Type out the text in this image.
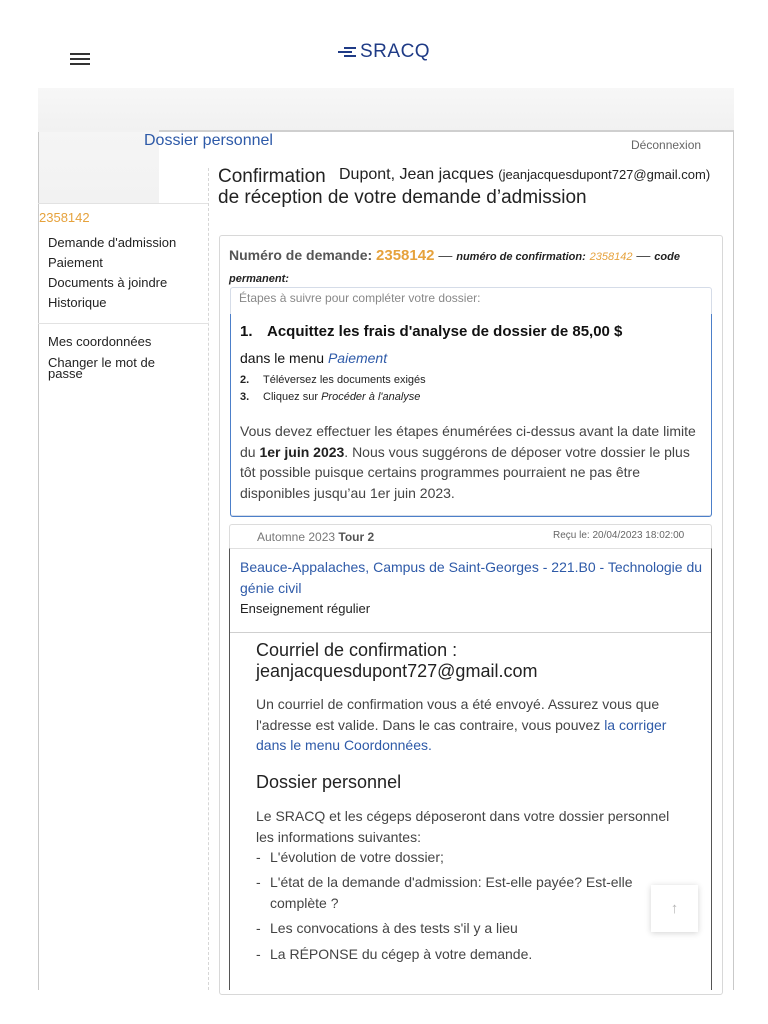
SRACQ
Dossier personnel	Déconnexion
2358142
Demande d'admission
Paiement
Documents à joindre
Historique
Mes coordonnées
Changer le mot de
passe
Confirmation Dupont, Jean jacques (jeanjacquesdupont727@gmail.com)
de réception de votre demande d’admission
Numéro de demande: 2358142 — numéro de confirmation: 2358142 — code permanent:
Étapes à suivre pour compléter votre dossier:
1. Acquittez les frais d'analyse de dossier de 85,00 $
dans le menu Paiement
2. Téléversez les documents exigés
3. Cliquez sur Procéder à l'analyse
Vous devez effectuer les étapes énumérées ci-dessus avant la date limite du 1er juin 2023. Nous vous suggérons de déposer votre dossier le plus tôt possible puisque certains programmes pourraient ne pas être disponibles jusqu’au 1er juin 2023.
Automne 2023 Tour 2	Reçu le: 20/04/2023 18:02:00
Beauce-Appalaches, Campus de Saint-Georges - 221.B0 - Technologie du génie civil
Enseignement régulier
Courriel de confirmation :
jeanjacquesdupont727@gmail.com
Un courriel de confirmation vous a été envoyé. Assurez vous que l'adresse est valide. Dans le cas contraire, vous pouvez la corriger dans le menu Coordonnées.
Dossier personnel
Le SRACQ et les cégeps déposeront dans votre dossier personnel les informations suivantes:
- L'évolution de votre dossier;
- L'état de la demande d'admission: Est-elle payée? Est-elle complète ?
- Les convocations à des tests s'il y a lieu
- La RÉPONSE du cégep à votre demande.
↑
